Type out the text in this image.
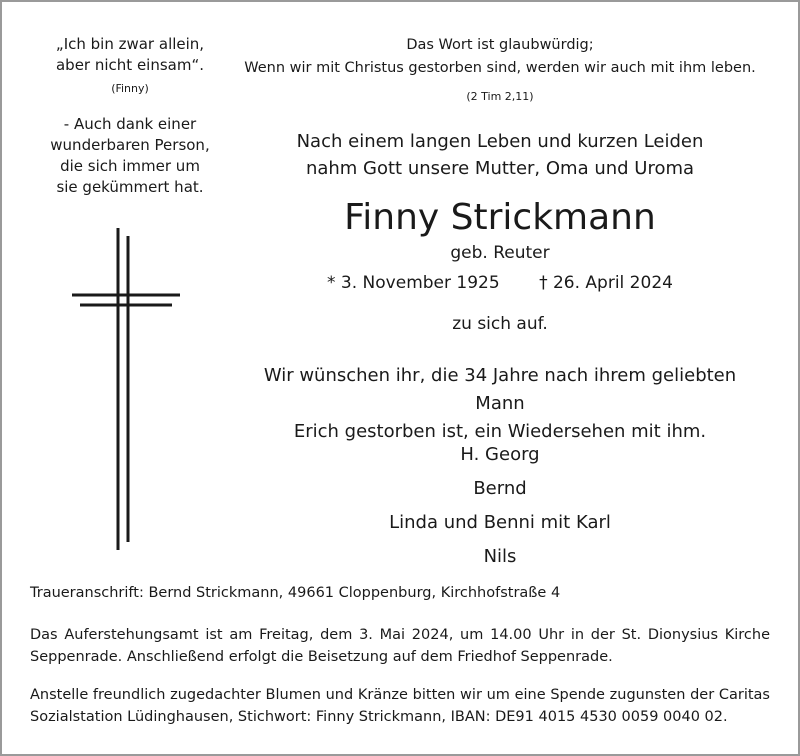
„Ich bin zwar allein,
aber nicht einsam“.
(Finny)
- Auch dank einer
wunderbaren Person,
die sich immer um
sie gekümmert hat.
Das Wort ist glaubwürdig;
Wenn wir mit Christus gestorben sind, werden wir auch mit ihm leben.
(2 Tim 2,11)
Nach einem langen Leben und kurzen Leiden
nahm Gott unsere Mutter, Oma und Uroma
Finny Strickmann
geb. Reuter
* 3. November 1925 † 26. April 2024
zu sich auf.
Wir wünschen ihr, die 34 Jahre nach ihrem geliebten Mann
Erich gestorben ist, ein Wiedersehen mit ihm.
H. Georg
Bernd
Linda und Benni mit Karl
Nils
Traueranschrift: Bernd Strickmann, 49661 Cloppenburg, Kirchhofstraße 4
Das Auferstehungsamt ist am Freitag, dem 3. Mai 2024, um 14.00 Uhr in der St. Dionysius Kirche Seppenrade. Anschließend erfolgt die Beisetzung auf dem Friedhof Seppenrade.
Anstelle freundlich zugedachter Blumen und Kränze bitten wir um eine Spende zugunsten der Caritas Sozialstation Lüdinghausen, Stichwort: Finny Strickmann, IBAN: DE91 4015 4530 0059 0040 02.
